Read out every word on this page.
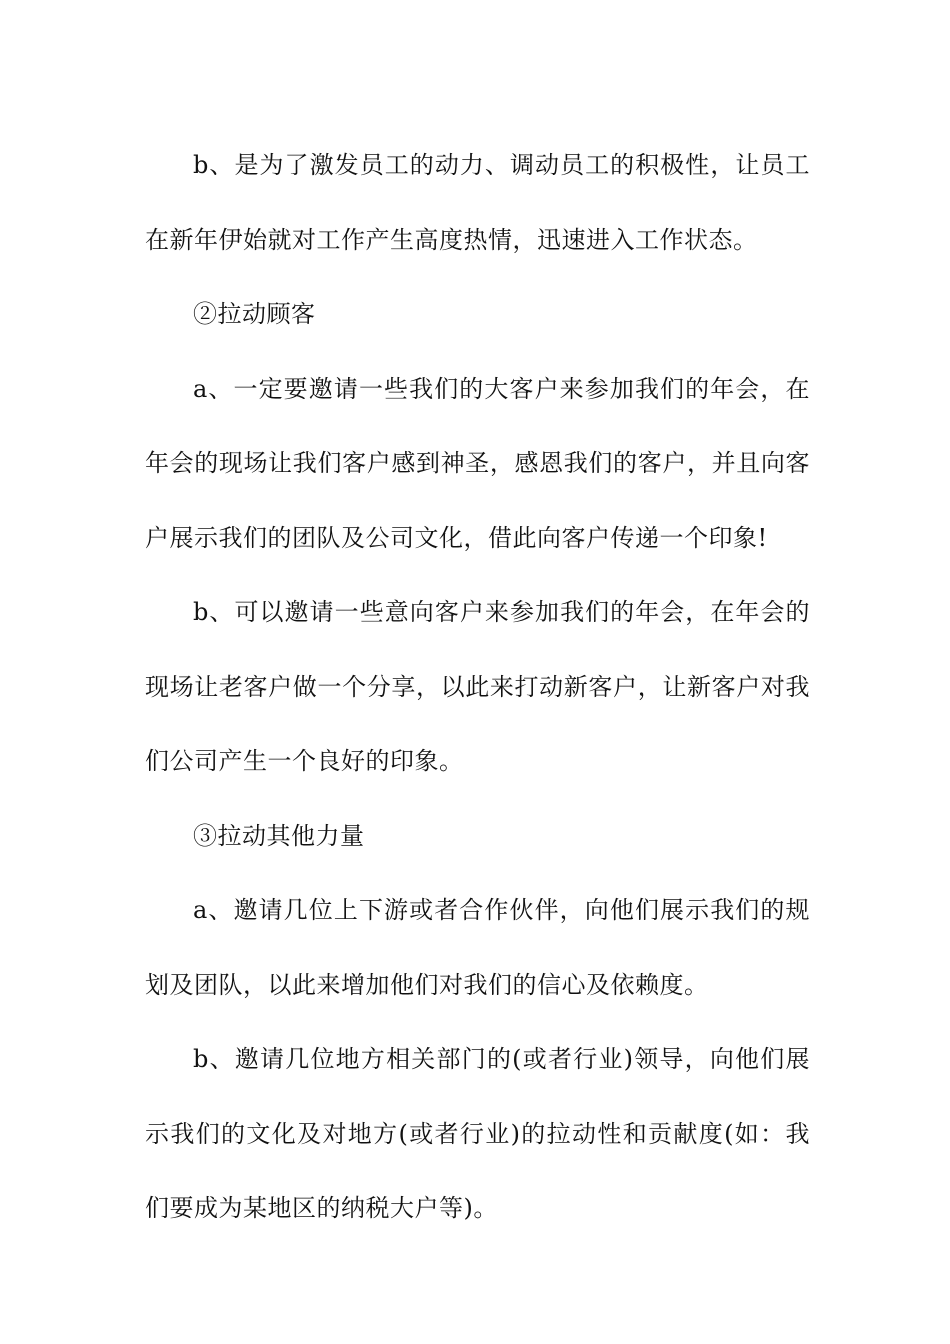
b、是为了激发员工的动力、调动员工的积极性，让员工在新年伊始就对工作产生高度热情，迅速进入工作状态。

②拉动顾客

a、一定要邀请一些我们的大客户来参加我们的年会，在年会的现场让我们客户感到神圣，感恩我们的客户，并且向客户展示我们的团队及公司文化，借此向客户传递一个印象!

b、可以邀请一些意向客户来参加我们的年会，在年会的现场让老客户做一个分享，以此来打动新客户，让新客户对我们公司产生一个良好的印象。

③拉动其他力量

a、邀请几位上下游或者合作伙伴，向他们展示我们的规划及团队，以此来增加他们对我们的信心及依赖度。

b、邀请几位地方相关部门的(或者行业)领导，向他们展示我们的文化及对地方(或者行业)的拉动性和贡献度(如：我们要成为某地区的纳税大户等)。
